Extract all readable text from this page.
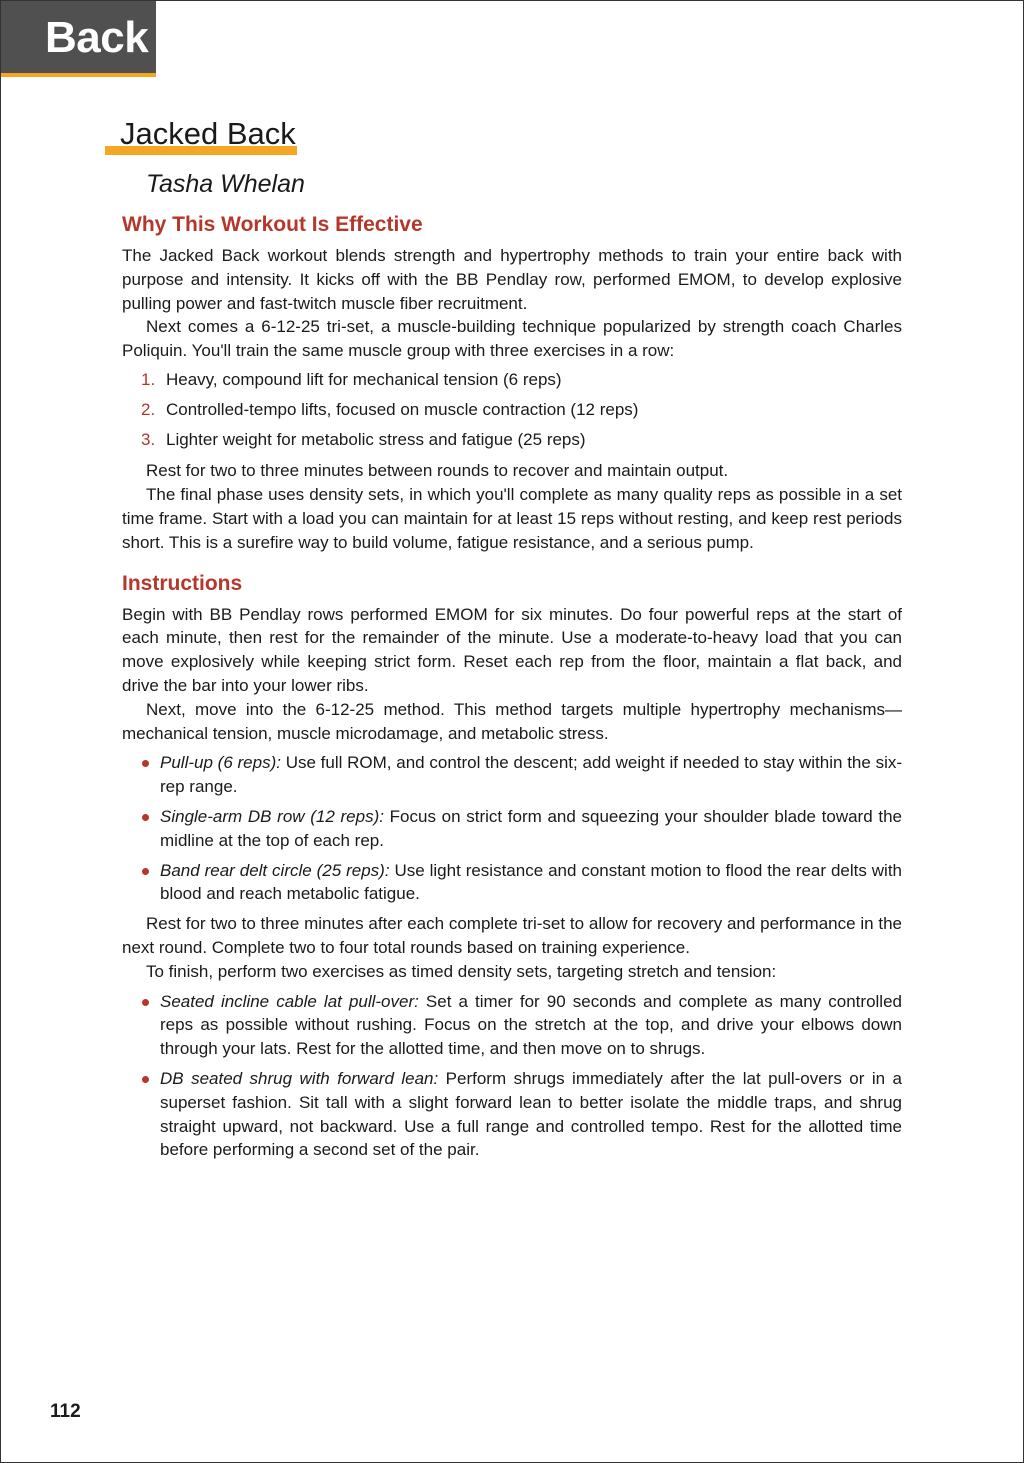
Back
Jacked Back

Tasha Whelan

Why This Workout Is Effective

The Jacked Back workout blends strength and hypertrophy methods to train your entire back with purpose and intensity. It kicks off with the BB Pendlay row, performed EMOM, to develop explosive pulling power and fast-twitch muscle fiber recruitment.

Next comes a 6-12-25 tri-set, a muscle-building technique popularized by strength coach Charles Poliquin. You'll train the same muscle group with three exercises in a row:

1. Heavy, compound lift for mechanical tension (6 reps)
2. Controlled-tempo lifts, focused on muscle contraction (12 reps)
3. Lighter weight for metabolic stress and fatigue (25 reps)

Rest for two to three minutes between rounds to recover and maintain output.

The final phase uses density sets, in which you'll complete as many quality reps as possible in a set time frame. Start with a load you can maintain for at least 15 reps without resting, and keep rest periods short. This is a surefire way to build volume, fatigue resistance, and a serious pump.

Instructions

Begin with BB Pendlay rows performed EMOM for six minutes. Do four powerful reps at the start of each minute, then rest for the remainder of the minute. Use a moderate-to-heavy load that you can move explosively while keeping strict form. Reset each rep from the floor, maintain a flat back, and drive the bar into your lower ribs.

Next, move into the 6-12-25 method. This method targets multiple hypertrophy mechanisms—mechanical tension, muscle microdamage, and metabolic stress.

Pull-up (6 reps): Use full ROM, and control the descent; add weight if needed to stay within the six-rep range.
Single-arm DB row (12 reps): Focus on strict form and squeezing your shoulder blade toward the midline at the top of each rep.
Band rear delt circle (25 reps): Use light resistance and constant motion to flood the rear delts with blood and reach metabolic fatigue.

Rest for two to three minutes after each complete tri-set to allow for recovery and performance in the next round. Complete two to four total rounds based on training experience.

To finish, perform two exercises as timed density sets, targeting stretch and tension:

Seated incline cable lat pull-over: Set a timer for 90 seconds and complete as many controlled reps as possible without rushing. Focus on the stretch at the top, and drive your elbows down through your lats. Rest for the allotted time, and then move on to shrugs.
DB seated shrug with forward lean: Perform shrugs immediately after the lat pull-overs or in a superset fashion. Sit tall with a slight forward lean to better isolate the middle traps, and shrug straight upward, not backward. Use a full range and controlled tempo. Rest for the allotted time before performing a second set of the pair.
112
